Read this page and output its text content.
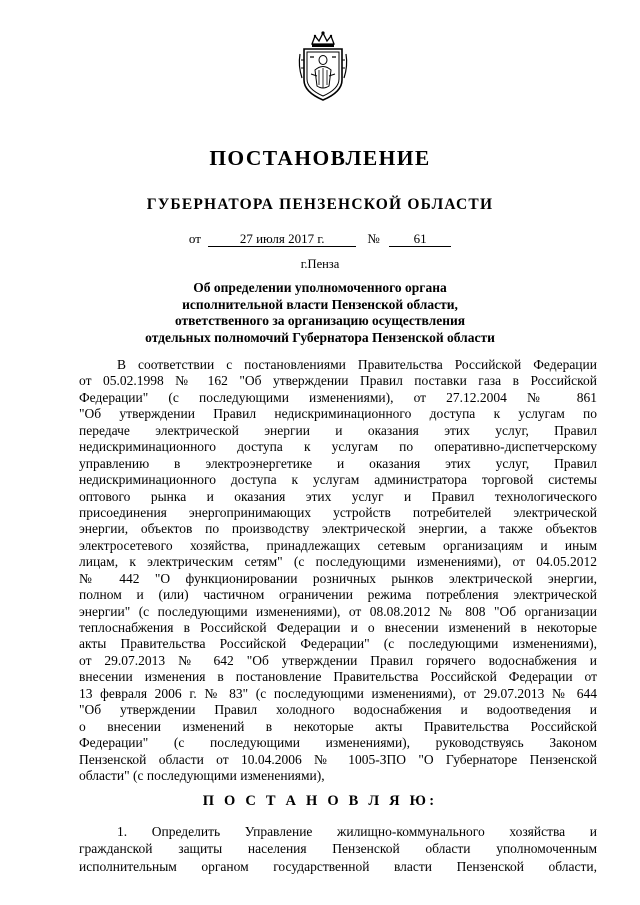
ПОСТАНОВЛЕНИЕ
ГУБЕРНАТОРА ПЕНЗЕНСКОЙ ОБЛАСТИ
от	27 июля 2017 г.	№	61
г.Пенза
Об определении уполномоченного органа
исполнительной власти Пензенской области,
ответственного за организацию осуществления
отдельных полномочий Губернатора Пензенской области
В соответствии с постановлениями Правительства Российской Федерации
от 05.02.1998 № 162 "Об утверждении Правил поставки газа в Российской
Федерации" (с последующими изменениями), от 27.12.2004 № 861
"Об утверждении Правил недискриминационного доступа к услугам по
передаче электрической энергии и оказания этих услуг, Правил
недискриминационного доступа к услугам по оперативно-диспетчерскому
управлению в электроэнергетике и оказания этих услуг, Правил
недискриминационного доступа к услугам администратора торговой системы
оптового рынка и оказания этих услуг и Правил технологического
присоединения энергопринимающих устройств потребителей электрической
энергии, объектов по производству электрической энергии, а также объектов
электросетевого хозяйства, принадлежащих сетевым организациям и иным
лицам, к электрическим сетям" (с последующими изменениями), от 04.05.2012
№ 442 "О функционировании розничных рынков электрической энергии,
полном и (или) частичном ограничении режима потребления электрической
энергии" (с последующими изменениями), от 08.08.2012 № 808 "Об организации
теплоснабжения в Российской Федерации и о внесении изменений в некоторые
акты Правительства Российской Федерации" (с последующими изменениями),
от 29.07.2013 № 642 "Об утверждении Правил горячего водоснабжения и
внесении изменения в постановление Правительства Российской Федерации от
13 февраля 2006 г. № 83" (с последующими изменениями), от 29.07.2013 № 644
"Об утверждении Правил холодного водоснабжения и водоотведения и
о внесении изменений в некоторые акты Правительства Российской
Федерации" (с последующими изменениями), руководствуясь Законом
Пензенской области от 10.04.2006 № 1005-ЗПО "О Губернаторе Пензенской
области" (с последующими изменениями),
П О С Т А Н О В Л Я Ю:
1. Определить Управление жилищно-коммунального хозяйства и
гражданской защиты населения Пензенской области уполномоченным
исполнительным органом государственной власти Пензенской области,
